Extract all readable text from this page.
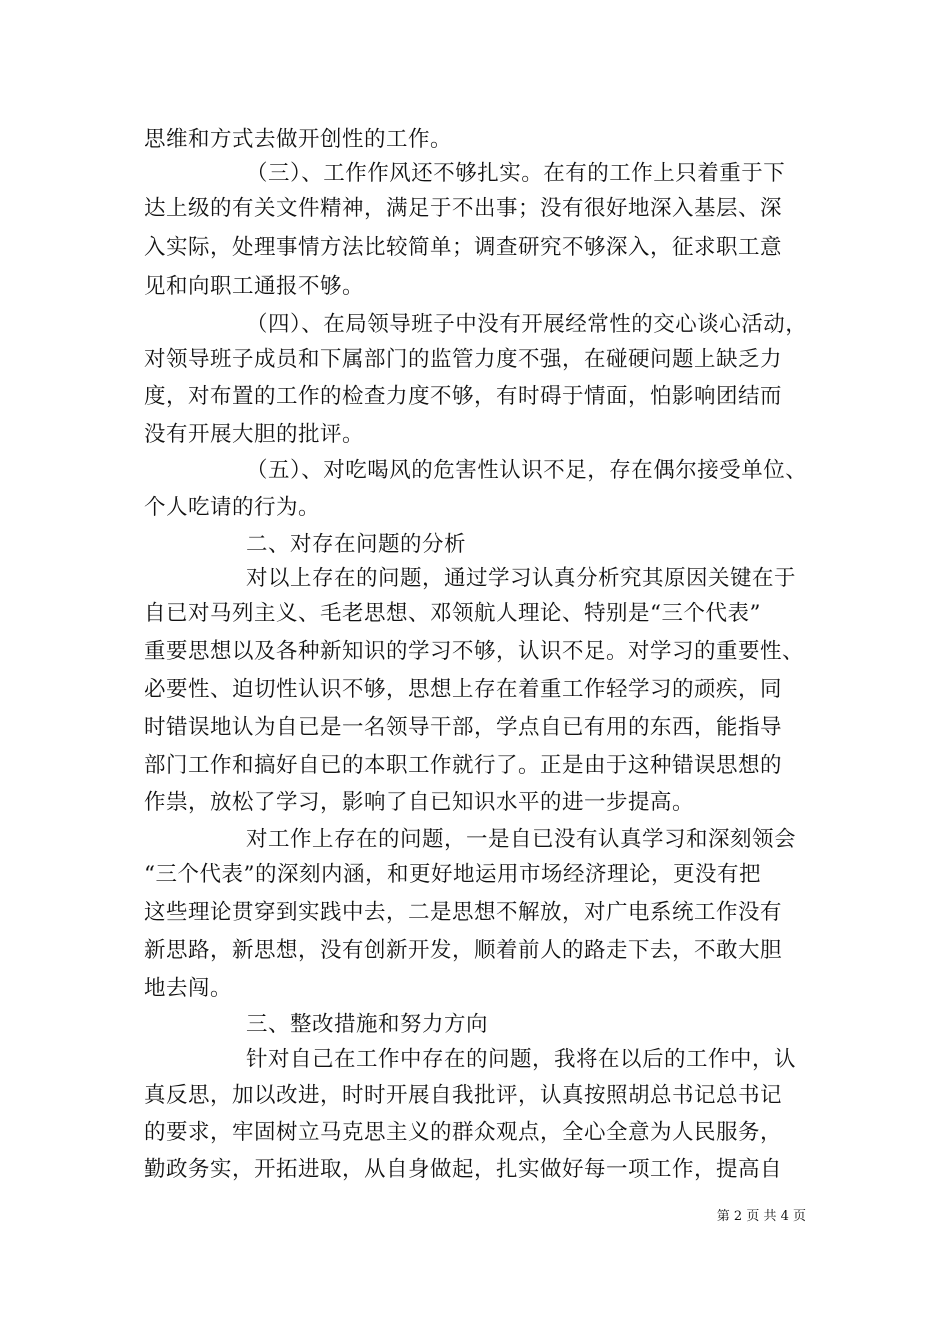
思维和方式去做开创性的工作。
（三）、工作作风还不够扎实。在有的工作上只着重于下
达上级的有关文件精神，满足于不出事；没有很好地深入基层、深
入实际，处理事情方法比较简单；调查研究不够深入，征求职工意
见和向职工通报不够。
（四）、在局领导班子中没有开展经常性的交心谈心活动，
对领导班子成员和下属部门的监管力度不强，在碰硬问题上缺乏力
度，对布置的工作的检查力度不够，有时碍于情面，怕影响团结而
没有开展大胆的批评。
（五）、对吃喝风的危害性认识不足，存在偶尔接受单位、
个人吃请的行为。
二、对存在问题的分析
对以上存在的问题，通过学习认真分析究其原因关键在于
自已对马列主义、毛老思想、邓领航人理论、特别是“三个代表”
重要思想以及各种新知识的学习不够，认识不足。对学习的重要性、
必要性、迫切性认识不够，思想上存在着重工作轻学习的顽疾，同
时错误地认为自已是一名领导干部，学点自已有用的东西，能指导
部门工作和搞好自已的本职工作就行了。正是由于这种错误思想的
作祟，放松了学习，影响了自已知识水平的进一步提高。
对工作上存在的问题，一是自已没有认真学习和深刻领会
“三个代表”的深刻内涵，和更好地运用市场经济理论，更没有把
这些理论贯穿到实践中去，二是思想不解放，对广电系统工作没有
新思路，新思想，没有创新开发，顺着前人的路走下去，不敢大胆
地去闯。
三、整改措施和努力方向
针对自己在工作中存在的问题，我将在以后的工作中，认
真反思，加以改进，时时开展自我批评，认真按照胡总书记总书记
的要求，牢固树立马克思主义的群众观点，全心全意为人民服务，
勤政务实，开拓进取，从自身做起，扎实做好每一项工作，提高自
第 2 页 共 4 页
